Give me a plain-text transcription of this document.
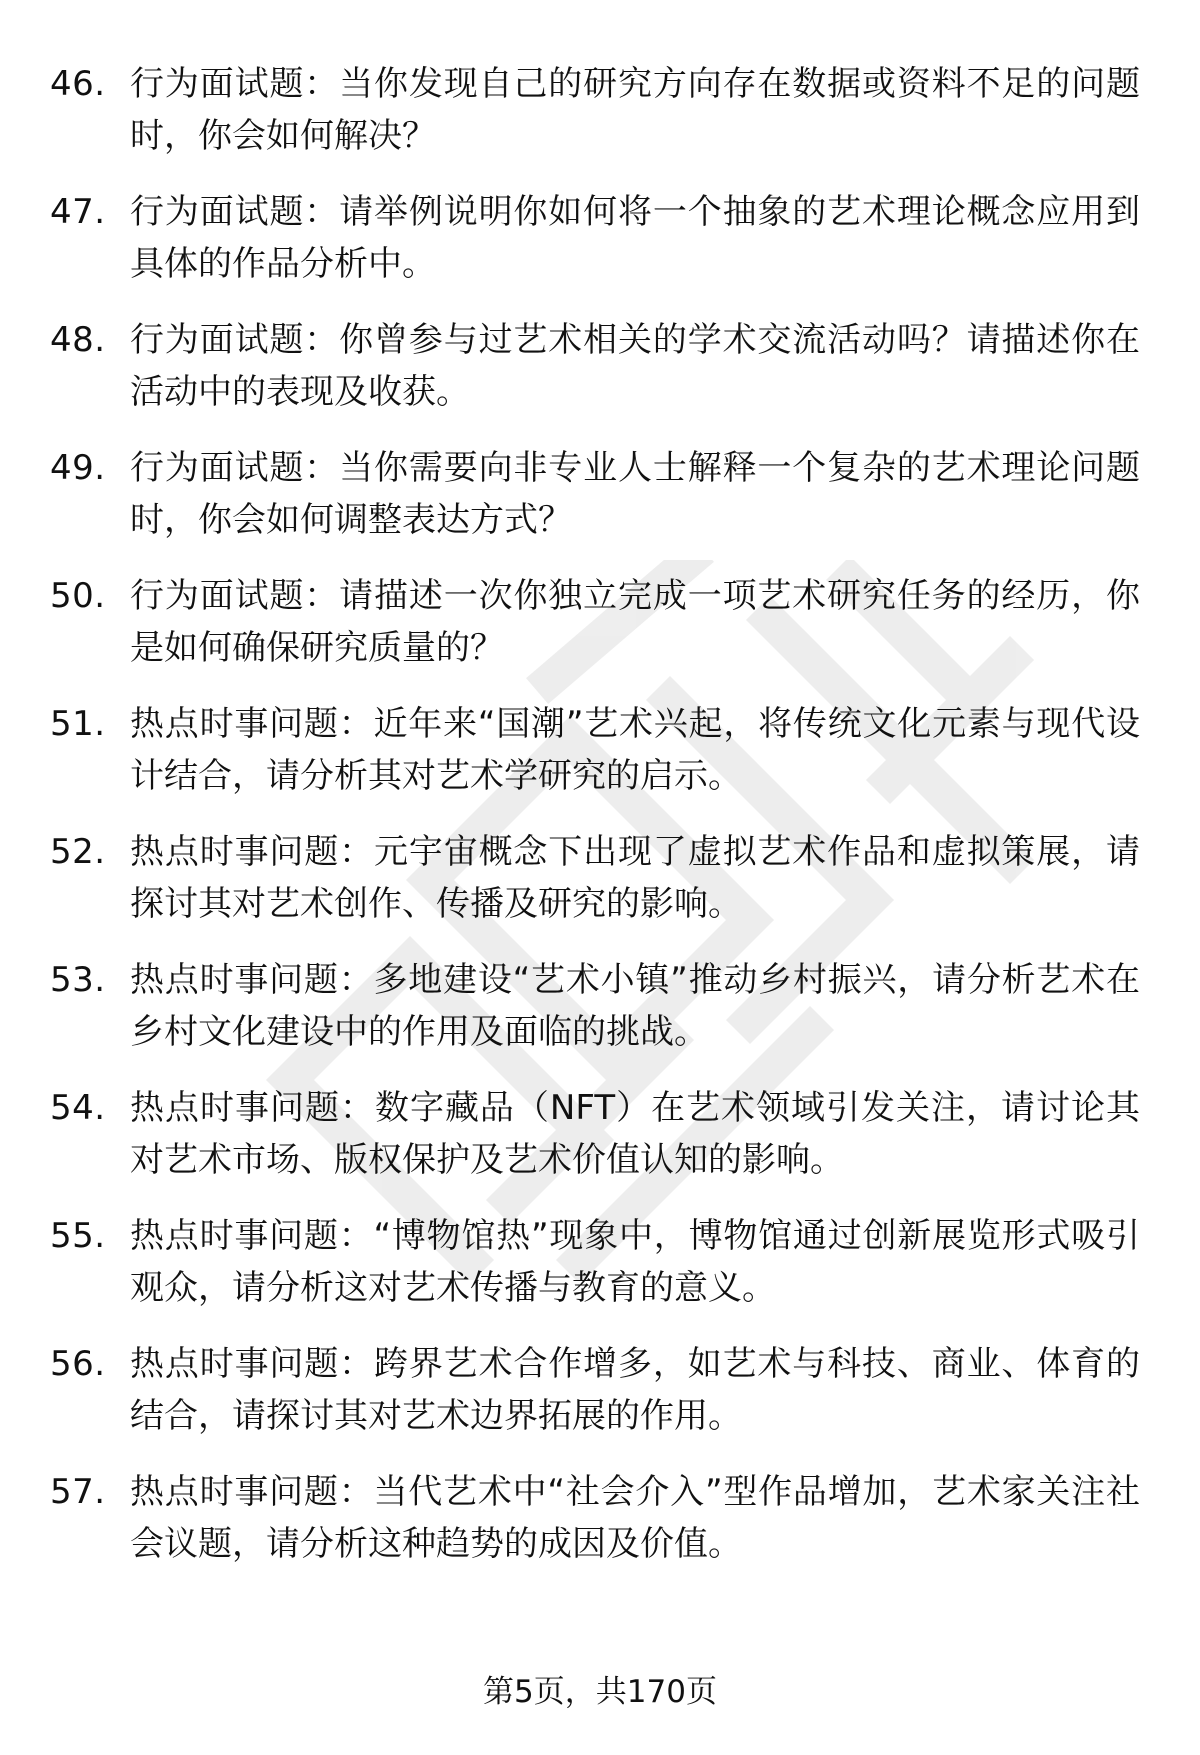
46. 行为面试题：当你发现自己的研究方向存在数据或资料不足的问题时，你会如何解决？
47. 行为面试题：请举例说明你如何将一个抽象的艺术理论概念应用到具体的作品分析中。
48. 行为面试题：你曾参与过艺术相关的学术交流活动吗？请描述你在活动中的表现及收获。
49. 行为面试题：当你需要向非专业人士解释一个复杂的艺术理论问题时，你会如何调整表达方式？
50. 行为面试题：请描述一次你独立完成一项艺术研究任务的经历，你是如何确保研究质量的？
51. 热点时事问题：近年来“国潮”艺术兴起，将传统文化元素与现代设计结合，请分析其对艺术学研究的启示。
52. 热点时事问题：元宇宙概念下出现了虚拟艺术作品和虚拟策展，请探讨其对艺术创作、传播及研究的影响。
53. 热点时事问题：多地建设“艺术小镇”推动乡村振兴，请分析艺术在乡村文化建设中的作用及面临的挑战。
54. 热点时事问题：数字藏品（NFT）在艺术领域引发关注，请讨论其对艺术市场、版权保护及艺术价值认知的影响。
55. 热点时事问题：“博物馆热”现象中，博物馆通过创新展览形式吸引观众，请分析这对艺术传播与教育的意义。
56. 热点时事问题：跨界艺术合作增多，如艺术与科技、商业、体育的结合，请探讨其对艺术边界拓展的作用。
57. 热点时事问题：当代艺术中“社会介入”型作品增加，艺术家关注社会议题，请分析这种趋势的成因及价值。
第5页，共170页
